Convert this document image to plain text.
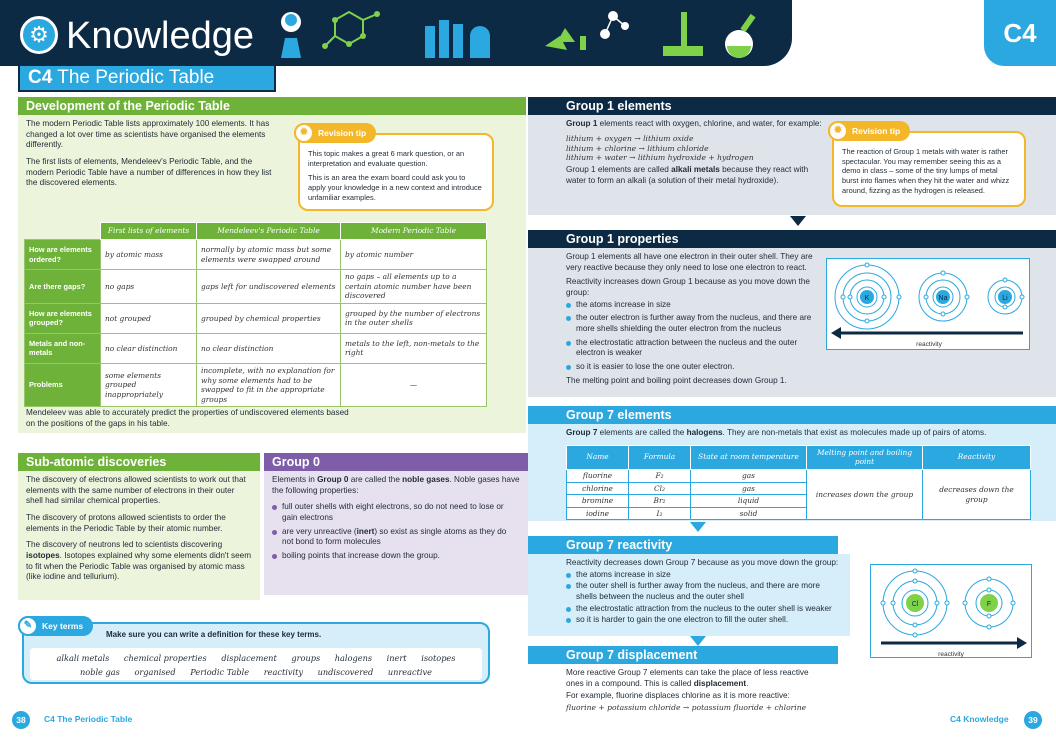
⚙ Knowledge	C4
C4 The Periodic Table
Development of the Periodic Table

The modern Periodic Table lists approximately 100 elements. It has changed a lot over time as scientists have organised the elements differently.

The first lists of elements, Mendeleev's Periodic Table, and the modern Periodic Table have a number of differences in how they list the discovered elements.

✹	Revision tip

This topic makes a great 6 mark question, or an interpretation and evaluate question.

This is an area the exam board could ask you to apply your knowledge in a new context and introduce unfamiliar examples.

	First lists of elements	Mendeleev's Periodic Table	Modern Periodic Table
How are elements ordered?	by atomic mass	normally by atomic mass but some elements were swapped around	by atomic number
Are there gaps?	no gaps	gaps left for undiscovered elements	no gaps – all elements up to a certain atomic number have been discovered
How are elements grouped?	not grouped	grouped by chemical properties	grouped by the number of electrons in the outer shells
Metals and non-metals	no clear distinction	no clear distinction	metals to the left, non-metals to the right
Problems	some elements grouped inappropriately	incomplete, with no explanation for why some elements had to be swapped to fit in the appropriate groups	—

Mendeleev was able to accurately predict the properties of undiscovered elements based on the positions of the gaps in his table.

Sub-atomic discoveries

The discovery of electrons allowed scientists to work out that elements with the same number of electrons in their outer shell had similar chemical properties.

The discovery of protons allowed scientists to order the elements in the Periodic Table by their atomic number.

The discovery of neutrons led to scientists discovering isotopes. Isotopes explained why some elements didn't seem to fit when the Periodic Table was organised by atomic mass (like iodine and tellurium).

Group 0

Elements in Group 0 are called the noble gases. Noble gases have the following properties:

full outer shells with eight electrons, so do not need to lose or gain electrons
are very unreactive (inert) so exist as single atoms as they do not bond to form molecules
boiling points that increase down the group.
✎	Key terms
Make sure you can write a definition for these key terms.
alkali metals chemical properties displacement groups halogens inert isotopes
noble gas organised Periodic Table reactivity undiscovered unreactive
38	C4 The Periodic Table	C4 Knowledge	39
Group 1 elements

Group 1 elements react with oxygen, chlorine, and water, for example:

lithium + oxygen → lithium oxide
lithium + chlorine → lithium chloride
lithium + water → lithium hydroxide + hydrogen

Group 1 elements are called alkali metals because they react with water to form an alkali (a solution of their metal hydroxide).

✹	Revision tip

The reaction of Group 1 metals with water is rather spectacular. You may remember seeing this as a demo in class – some of the tiny lumps of metal burst into flames when they hit the water and whizz around, fizzing as the hydrogen is released.

Group 1 properties

Group 1 elements all have one electron in their outer shell. They are very reactive because they only need to lose one electron to react.

Reactivity increases down Group 1 because as you move down the group:

the atoms increase in size
the outer electron is further away from the nucleus, and there are more shells shielding the outer electron from the nucleus
the electrostatic attraction between the nucleus and the outer electron is weaker
so it is easier to lose the one outer electron.

The melting point and boiling point decreases down Group 1.

K	Na	Li
reactivity
Group 7 elements

Group 7 elements are called the halogens. They are non-metals that exist as molecules made up of pairs of atoms.

Name	Formula	State at room temperature	Melting point and boiling point	Reactivity
fluorine	F₂	gas	increases down the group	decreases down the group
chlorine	Cl₂	gas		
bromine	Br₂	liquid		
iodine	I₂	solid		
Group 7 reactivity

Reactivity decreases down Group 7 because as you move down the group:

the atoms increase in size
the outer shell is further away from the nucleus, and there are more shells between the nucleus and the outer shell
the electrostatic attraction from the nucleus to the outer shell is weaker
so it is harder to gain the one electron to fill the outer shell.
Cl	F
reactivity
Group 7 displacement

More reactive Group 7 elements can take the place of less reactive ones in a compound. This is called displacement.

For example, fluorine displaces chlorine as it is more reactive:

fluorine + potassium chloride → potassium fluoride + chlorine
